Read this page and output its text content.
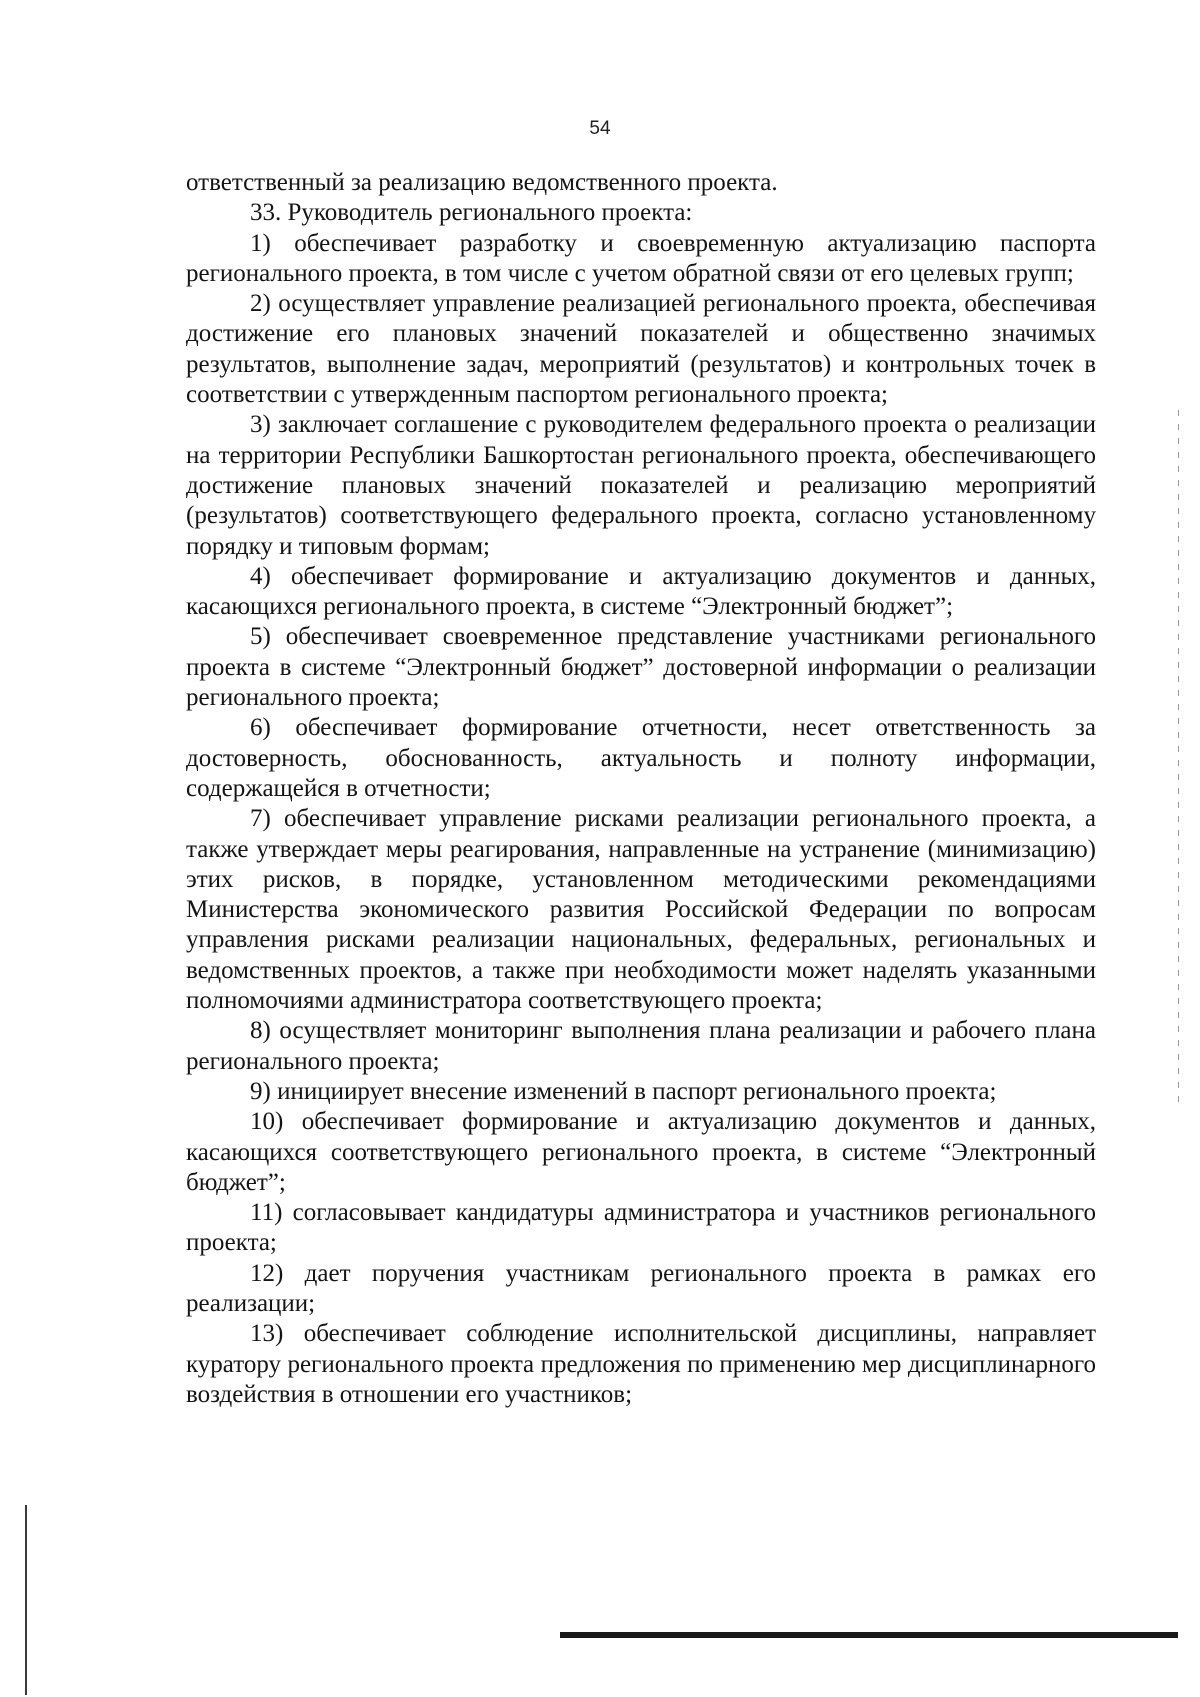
54

ответственный за реализацию ведомственного проекта.

33. Руководитель регионального проекта:

1) обеспечивает разработку и своевременную актуализацию паспорта регионального проекта, в том числе с учетом обратной связи от его целевых групп;

2) осуществляет управление реализацией регионального проекта, обеспечивая достижение его плановых значений показателей и общественно значимых результатов, выполнение задач, мероприятий (результатов) и контрольных точек в соответствии с утвержденным паспортом регионального проекта;

3) заключает соглашение с руководителем федерального проекта о реализации на территории Республики Башкортостан регионального проекта, обеспечивающего достижение плановых значений показателей и реализацию мероприятий (результатов) соответствующего федерального проекта, согласно установленному порядку и типовым формам;

4) обеспечивает формирование и актуализацию документов и данных, касающихся регионального проекта, в системе “Электронный бюджет”;

5) обеспечивает своевременное представление участниками регионального проекта в системе “Электронный бюджет” достоверной информации о реализации регионального проекта;

6) обеспечивает формирование отчетности, несет ответственность за достоверность, обоснованность, актуальность и полноту информации, содержащейся в отчетности;

7) обеспечивает управление рисками реализации регионального проекта, а также утверждает меры реагирования, направленные на устранение (минимизацию) этих рисков, в порядке, установленном методическими рекомендациями Министерства экономического развития Российской Федерации по вопросам управления рисками реализации национальных, федеральных, региональных и ведомственных проектов, а также при необходимости может наделять указанными полномочиями администратора соответствующего проекта;

8) осуществляет мониторинг выполнения плана реализации и рабочего плана регионального проекта;

9) инициирует внесение изменений в паспорт регионального проекта;

10) обеспечивает формирование и актуализацию документов и данных, касающихся соответствующего регионального проекта, в системе “Электронный бюджет”;

11) согласовывает кандидатуры администратора и участников регионального проекта;

12) дает поручения участникам регионального проекта в рамках его реализации;

13) обеспечивает соблюдение исполнительской дисциплины, направляет куратору регионального проекта предложения по применению мер дисциплинарного воздействия в отношении его участников;
